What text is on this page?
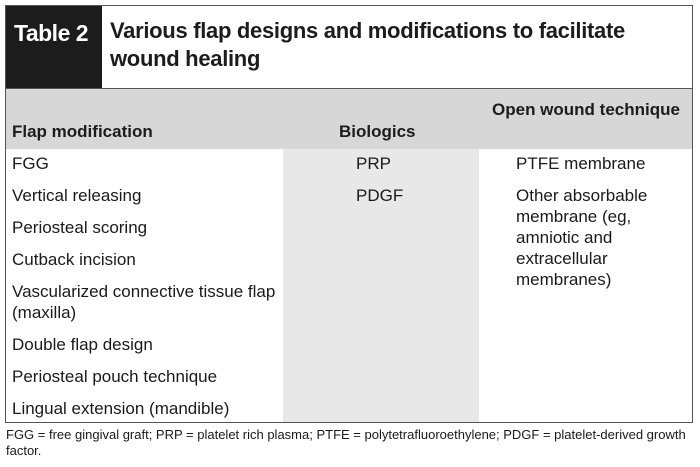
Table 2 Various flap designs and modifications to facilitate wound healing
Flap modification	Biologics
Open wound technique
FGG
Vertical releasing
Periosteal scoring
Cutback incision
Vascularized connective tissue flap (maxilla)
Double flap design
Periosteal pouch technique
Lingual extension (mandible)
PRP
PDGF
PTFE membrane
Other absorbable membrane (eg, amniotic and extracellular membranes)
FGG = free gingival graft; PRP = platelet rich plasma; PTFE = polytetrafluoroethylene; PDGF = platelet-derived growth factor.
